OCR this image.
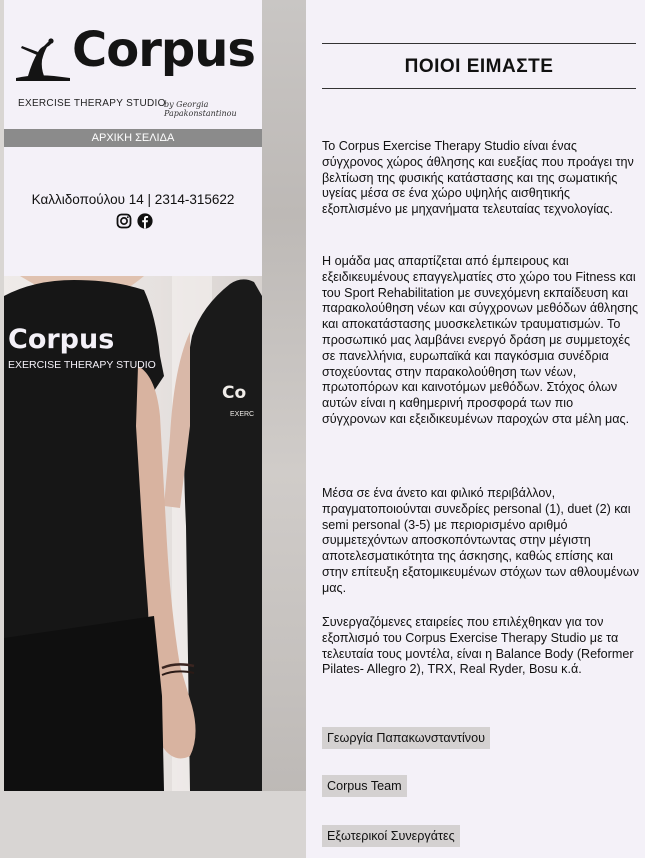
Corpus
EXERCISE THERAPY STUDIO
by Georgia Papakonstantinou
ΑΡΧΙΚΗ ΣΕΛΙΔΑ
Καλλιδοπούλου 14 | 2314-315622
Corpus
EXERCISE THERAPY STUDIO
Co
EXERC
ΠΟΙΟΙ ΕΙΜΑΣΤΕ

Το Corpus Exercise Therapy Studio είναι ένας σύγχρονος χώρος άθλησης και ευεξίας που προάγει την βελτίωση της φυσικής κατάστασης και της σωματικής υγείας μέσα σε ένα χώρο υψηλής αισθητικής εξοπλισμένο με μηχανήματα τελευταίας τεχνολογίας.

Η ομάδα μας απαρτίζεται από έμπειρους και εξειδικευμένους επαγγελματίες στο χώρο του Fitness και του Sport Rehabilitation με συνεχόμενη εκπαίδευση και παρακολούθηση νέων και σύγχρονων μεθόδων άθλησης και αποκατάστασης μυοσκελετικών τραυματισμών. Το προσωπικό μας λαμβάνει ενεργό δράση με συμμετοχές σε πανελλήνια, ευρωπαϊκά και παγκόσμια συνέδρια στοχεύοντας στην παρακολούθηση των νέων, πρωτοπόρων και καινοτόμων μεθόδων. Στόχος όλων αυτών είναι η καθημερινή προσφορά των πιο σύγχρονων και εξειδικευμένων παροχών στα μέλη μας.

Μέσα σε ένα άνετο και φιλικό περιβάλλον, πραγματοποιούνται συνεδρίες personal (1), duet (2) και semi personal (3-5) με περιορισμένο αριθμό συμμετεχόντων αποσκοπόντωντας στην μέγιστη αποτελεσματικότητα της άσκησης, καθώς επίσης και στην επίτευξη εξατομικευμένων στόχων των αθλουμένων μας.

Συνεργαζόμενες εταιρείες που επιλέχθηκαν για τον εξοπλισμό του Corpus Exercise Therapy Studio με τα τελευταία τους μοντέλα, είναι η Balance Body (Reformer Pilates- Allegro 2), TRX, Real Ryder, Bosu κ.ά.

Γεωργία Παπακωνσταντίνου
Corpus Team
Εξωτερικοί Συνεργάτες
